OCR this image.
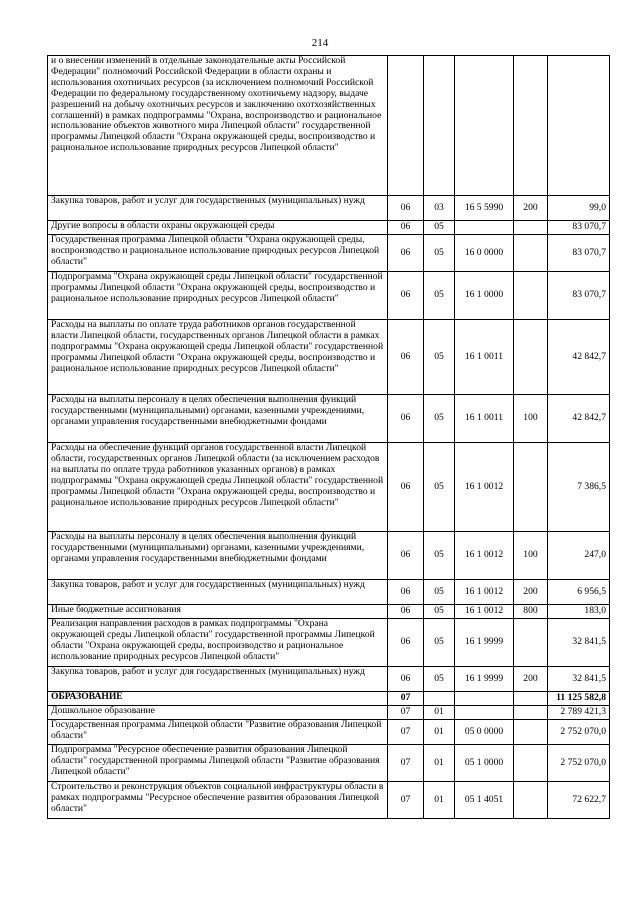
214
и о внесении изменений в отдельные законодательные акты Российской Федерации" полномочий Российской Федерации в области охраны и использования охотничьих ресурсов (за исключением полномочий Российской Федерации по федеральному государственному охотничьему надзору, выдаче разрешений на добычу охотничьих ресурсов и заключению охотхозяйственных соглашений) в рамках подпрограммы "Охрана, воспроизводство и рациональное использование объектов животного мира Липецкой области" государственной программы Липецкой области "Охрана окружающей среды, воспроизводство и рациональное использование природных ресурсов Липецкой области"					
Закупка товаров, работ и услуг для государственных (муниципальных) нужд	06	03	16 5 5990	200	99,0
Другие вопросы в области охраны окружающей среды	06	05			83 070,7
Государственная программа Липецкой области "Охрана окружающей среды, воспроизводство и рациональное использование природных ресурсов Липецкой области"	06	05	16 0 0000		83 070,7
Подпрограмма "Охрана окружающей среды Липецкой области" государственной программы Липецкой области "Охрана окружающей среды, воспроизводство и рациональное использование природных ресурсов Липецкой области"	06	05	16 1 0000		83 070,7
Расходы на выплаты по оплате труда работников органов государственной власти Липецкой области, государственных органов Липецкой области в рамках подпрограммы "Охрана окружающей среды Липецкой области" государственной программы Липецкой области "Охрана окружающей среды, воспроизводство и рациональное использование природных ресурсов Липецкой области"	06	05	16 1 0011		42 842,7
Расходы на выплаты персоналу в целях обеспечения выполнения функций государственными (муниципальными) органами, казенными учреждениями, органами управления государственными внебюджетными фондами	06	05	16 1 0011	100	42 842,7
Расходы на обеспечение функций органов государственной власти Липецкой области, государственных органов Липецкой области (за исключением расходов на выплаты по оплате труда работников указанных органов) в рамках подпрограммы "Охрана окружающей среды Липецкой области" государственной программы Липецкой области "Охрана окружающей среды, воспроизводство и рациональное использование природных ресурсов Липецкой области"	06	05	16 1 0012		7 386,5
Расходы на выплаты персоналу в целях обеспечения выполнения функций государственными (муниципальными) органами, казенными учреждениями, органами управления государственными внебюджетными фондами	06	05	16 1 0012	100	247,0
Закупка товаров, работ и услуг для государственных (муниципальных) нужд	06	05	16 1 0012	200	6 956,5
Иные бюджетные ассигнования	06	05	16 1 0012	800	183,0
Реализация направления расходов в рамках подпрограммы "Охрана окружающей среды Липецкой области" государственной программы Липецкой области "Охрана окружающей среды, воспроизводство и рациональное использование природных ресурсов Липецкой области"	06	05	16 1 9999		32 841,5
Закупка товаров, работ и услуг для государственных (муниципальных) нужд	06	05	16 1 9999	200	32 841,5
ОБРАЗОВАНИЕ	07				11 125 582,8
Дошкольное образование	07	01			2 789 421,3
Государственная программа Липецкой области "Развитие образования Липецкой области"	07	01	05 0 0000		2 752 070,0
Подпрограмма "Ресурсное обеспечение развития образования Липецкой области" государственной программы Липецкой области "Развитие образования Липецкой области"	07	01	05 1 0000		2 752 070,0
Строительство и реконструкция объектов социальной инфраструктуры области в рамках подпрограммы "Ресурсное обеспечение развития образования Липецкой области"	07	01	05 1 4051		72 622,7
